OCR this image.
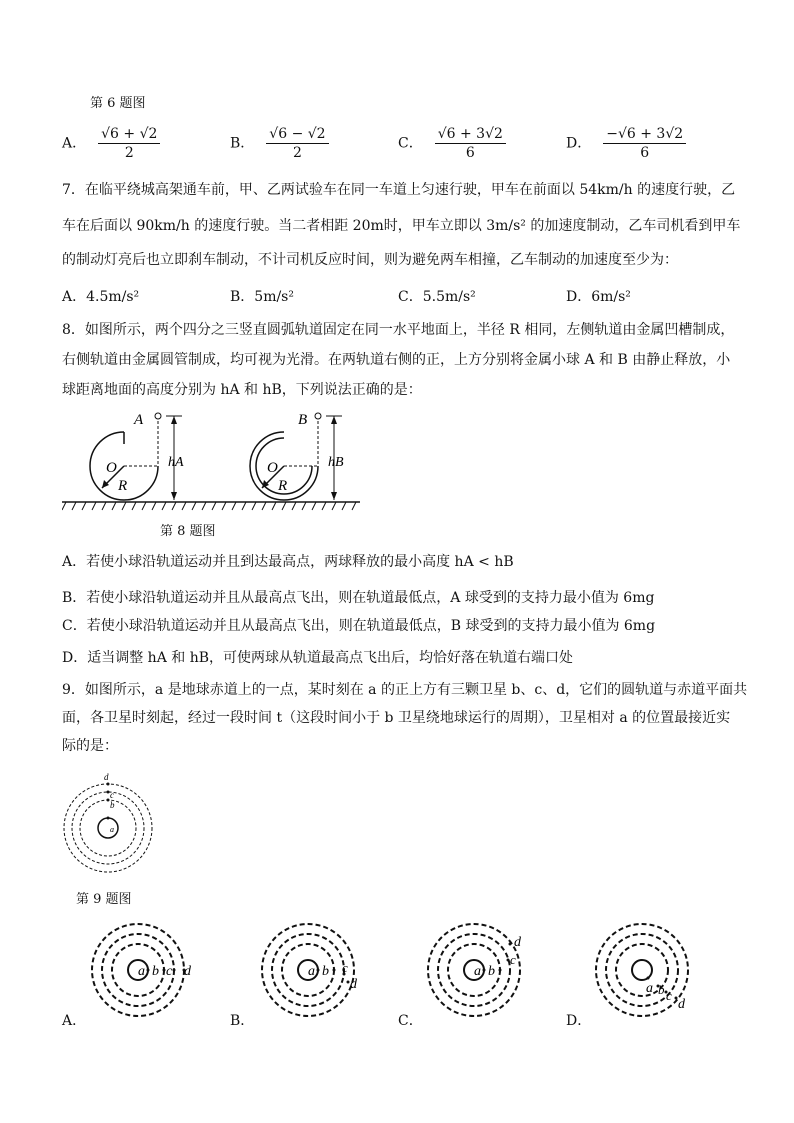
第 6 题图
A． $\frac{√6 + √2}{2}$	B． $\frac{√6 - √2}{2}$	C． $\frac{√6 + 3√2}{6}$	D． $\frac{-√6 + 3√2}{6}$
7．在临平绕城高架通车前，甲、乙两试验车在同一车道上匀速行驶，甲车在前面以 54km/h 的速度行驶，乙
车在后面以 90km/h 的速度行驶。当二者相距 20m时，甲车立即以 3m/s² 的加速度制动，乙车司机看到甲车
的制动灯亮后也立即刹车制动，不计司机反应时间，则为避免两车相撞，乙车制动的加速度至少为：
A．4.5m/s²	B．5m/s²	C．5.5m/s²	D．6m/s²
8．如图所示，两个四分之三竖直圆弧轨道固定在同一水平地面上，半径 R 相同，左侧轨道由金属凹槽制成，
右侧轨道由金属圆管制成，均可视为光滑。在两轨道右侧的正，上方分别将金属小球 A 和 B 由静止释放，小
球距离地面的高度分别为 hA 和 hB，下列说法正确的是：
A
O
R
hA
B
O
R
hB
第 8 题图
A．若使小球沿轨道运动并且到达最高点，两球释放的最小高度 hA < hB
B．若使小球沿轨道运动并且从最高点飞出，则在轨道最低点，A 球受到的支持力最小值为 6mg
C．若使小球沿轨道运动并且从最高点飞出，则在轨道最低点，B 球受到的支持力最小值为 6mg
D．适当调整 hA 和 hB，可使两球从轨道最高点飞出后，均恰好落在轨道右端口处
9．如图所示，a 是地球赤道上的一点，某时刻在 a 的正上方有三颗卫星 b、c、d，它们的圆轨道与赤道平面共
面，各卫星时刻起，经过一段时间 t（这段时间小于 b 卫星绕地球运行的周期），卫星相对 a 的位置最接近实
际的是：
a
b
c
d
第 9 题图
a b c d
A．
a b c
d
B．
a b
c
d
C．
a b c
d
D．
